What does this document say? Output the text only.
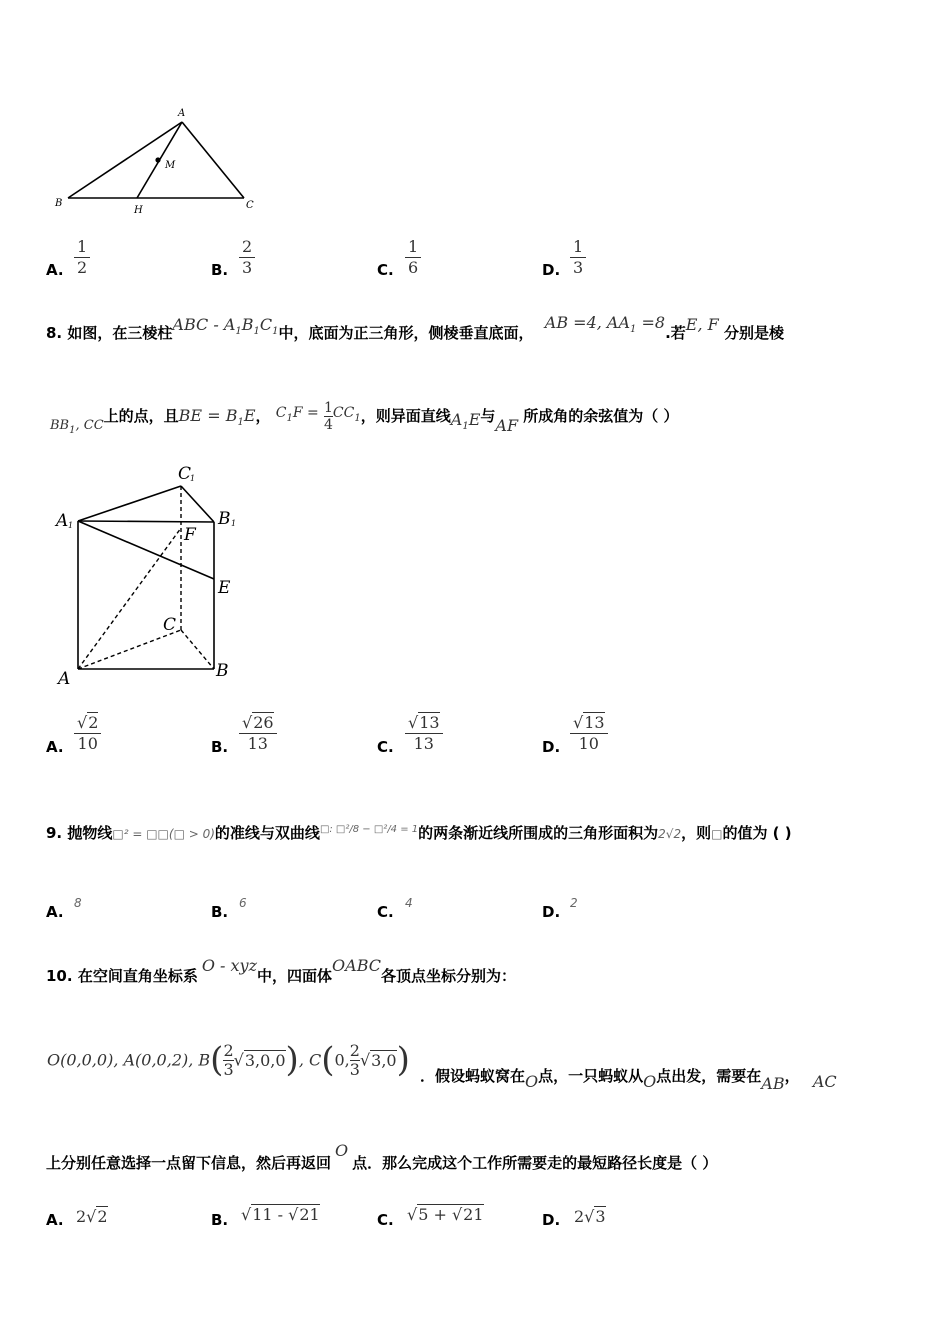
A
M
B
H	C
A.
1
2	B.
2
3	C.
1
6	D.
1
3
8. 如图，在三棱柱ABC - $A_1B_1C_1$中，底面为正三角形，侧棱垂直底面， AB =4, $AA_1 =8$.若E, F 分别是棱
$BB_1$, CC上的点，且BE = $B_1E$， $C_1F = \frac{1}{4} CC_1$，则异面直线$A_1E$与AF 所成角的余弦值为（ ）
C
1
A 1	B 1
F
E
C
A	B
A.
√2
10	B.
√26
13	C.
√13
13	D.
√13
10
9. 抛物线□² = □□(□ > 0)的准线与双曲线$^{□: □^2/8 - □^2/4 = 1}$的两条渐近线所围成的三角形面积为2√2，则□的值为 ( )
A. 8	B. 6	C. 4	D. 2
10. 在空间直角坐标系O - xyz中，四面体OABC各顶点坐标分别为：
O(0,0,0), A(0,0,2), $B( \frac{2}{3} √3,0,0)$, C(0, $\frac{2}{3} √3,0$) ．假设蚂蚁窝在O点，一只蚂蚁从O点出发，需要在AB， AC
上分别任意选择一点留下信息，然后再返回O点．那么完成这个工作所需要走的最短路径长度是（ ）
A. 2√2	B. √11 - √21	C. √5 + √21	D. 2√3
